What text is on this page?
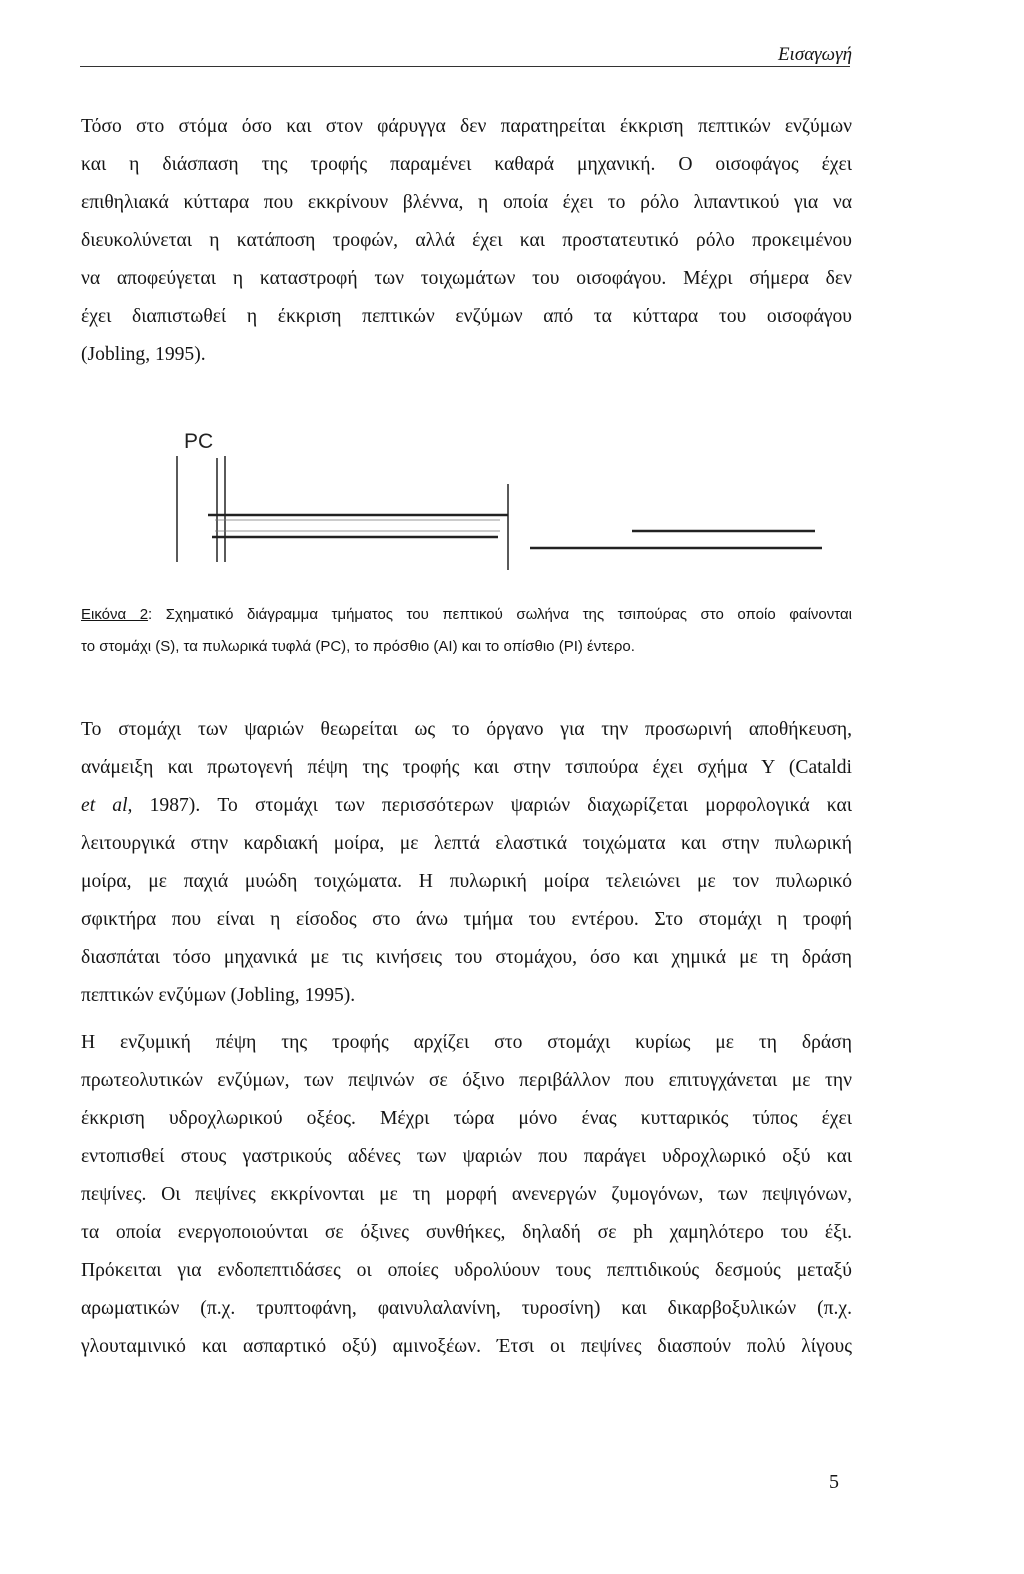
Εισαγωγή
Τόσο στο στόμα όσο και στον φάρυγγα δεν παρατηρείται έκκριση πεπτικών ενζύμων
και η διάσπαση της τροφής παραμένει καθαρά μηχανική. Ο οισοφάγος έχει
επιθηλιακά κύτταρα που εκκρίνουν βλέννα, η οποία έχει το ρόλο λιπαντικού για να
διευκολύνεται η κατάποση τροφών, αλλά έχει και προστατευτικό ρόλο προκειμένου
να αποφεύγεται η καταστροφή των τοιχωμάτων του οισοφάγου. Μέχρι σήμερα δεν
έχει διαπιστωθεί η έκκριση πεπτικών ενζύμων από τα κύτταρα του οισοφάγου
(Jobling, 1995).
PC
Εικόνα 2: Σχηματικό διάγραμμα τμήματος του πεπτικού σωλήνα της τσιπούρας στο οποίο φαίνονται
το στομάχι (S), τα πυλωρικά τυφλά (PC), το πρόσθιο (AI) και το οπίσθιο (PI) έντερο.
Το στομάχι των ψαριών θεωρείται ως το όργανο για την προσωρινή αποθήκευση,
ανάμειξη και πρωτογενή πέψη της τροφής και στην τσιπούρα έχει σχήμα Υ (Cataldi
et al, 1987). Το στομάχι των περισσότερων ψαριών διαχωρίζεται μορφολογικά και
λειτουργικά στην καρδιακή μοίρα, με λεπτά ελαστικά τοιχώματα και στην πυλωρική
μοίρα, με παχιά μυώδη τοιχώματα. Η πυλωρική μοίρα τελειώνει με τον πυλωρικό
σφικτήρα που είναι η είσοδος στο άνω τμήμα του εντέρου. Στο στομάχι η τροφή
διασπάται τόσο μηχανικά με τις κινήσεις του στομάχου, όσο και χημικά με τη δράση
πεπτικών ενζύμων (Jobling, 1995).
Η ενζυμική πέψη της τροφής αρχίζει στο στομάχι κυρίως με τη δράση
πρωτεολυτικών ενζύμων, των πεψινών σε όξινο περιβάλλον που επιτυγχάνεται με την
έκκριση υδροχλωρικού οξέος. Μέχρι τώρα μόνο ένας κυτταρικός τύπος έχει
εντοπισθεί στους γαστρικούς αδένες των ψαριών που παράγει υδροχλωρικό οξύ και
πεψίνες. Οι πεψίνες εκκρίνονται με τη μορφή ανενεργών ζυμογόνων, των πεψιγόνων,
τα οποία ενεργοποιούνται σε όξινες συνθήκες, δηλαδή σε ph χαμηλότερο του έξι.
Πρόκειται για ενδοπεπτιδάσες οι οποίες υδρολύουν τους πεπτιδικούς δεσμούς μεταξύ
αρωματικών (π.χ. τρυπτοφάνη, φαινυλαλανίνη, τυροσίνη) και δικαρβοξυλικών (π.χ.
γλουταμινικό και ασπαρτικό οξύ) αμινοξέων. Έτσι οι πεψίνες διασπούν πολύ λίγους
5
